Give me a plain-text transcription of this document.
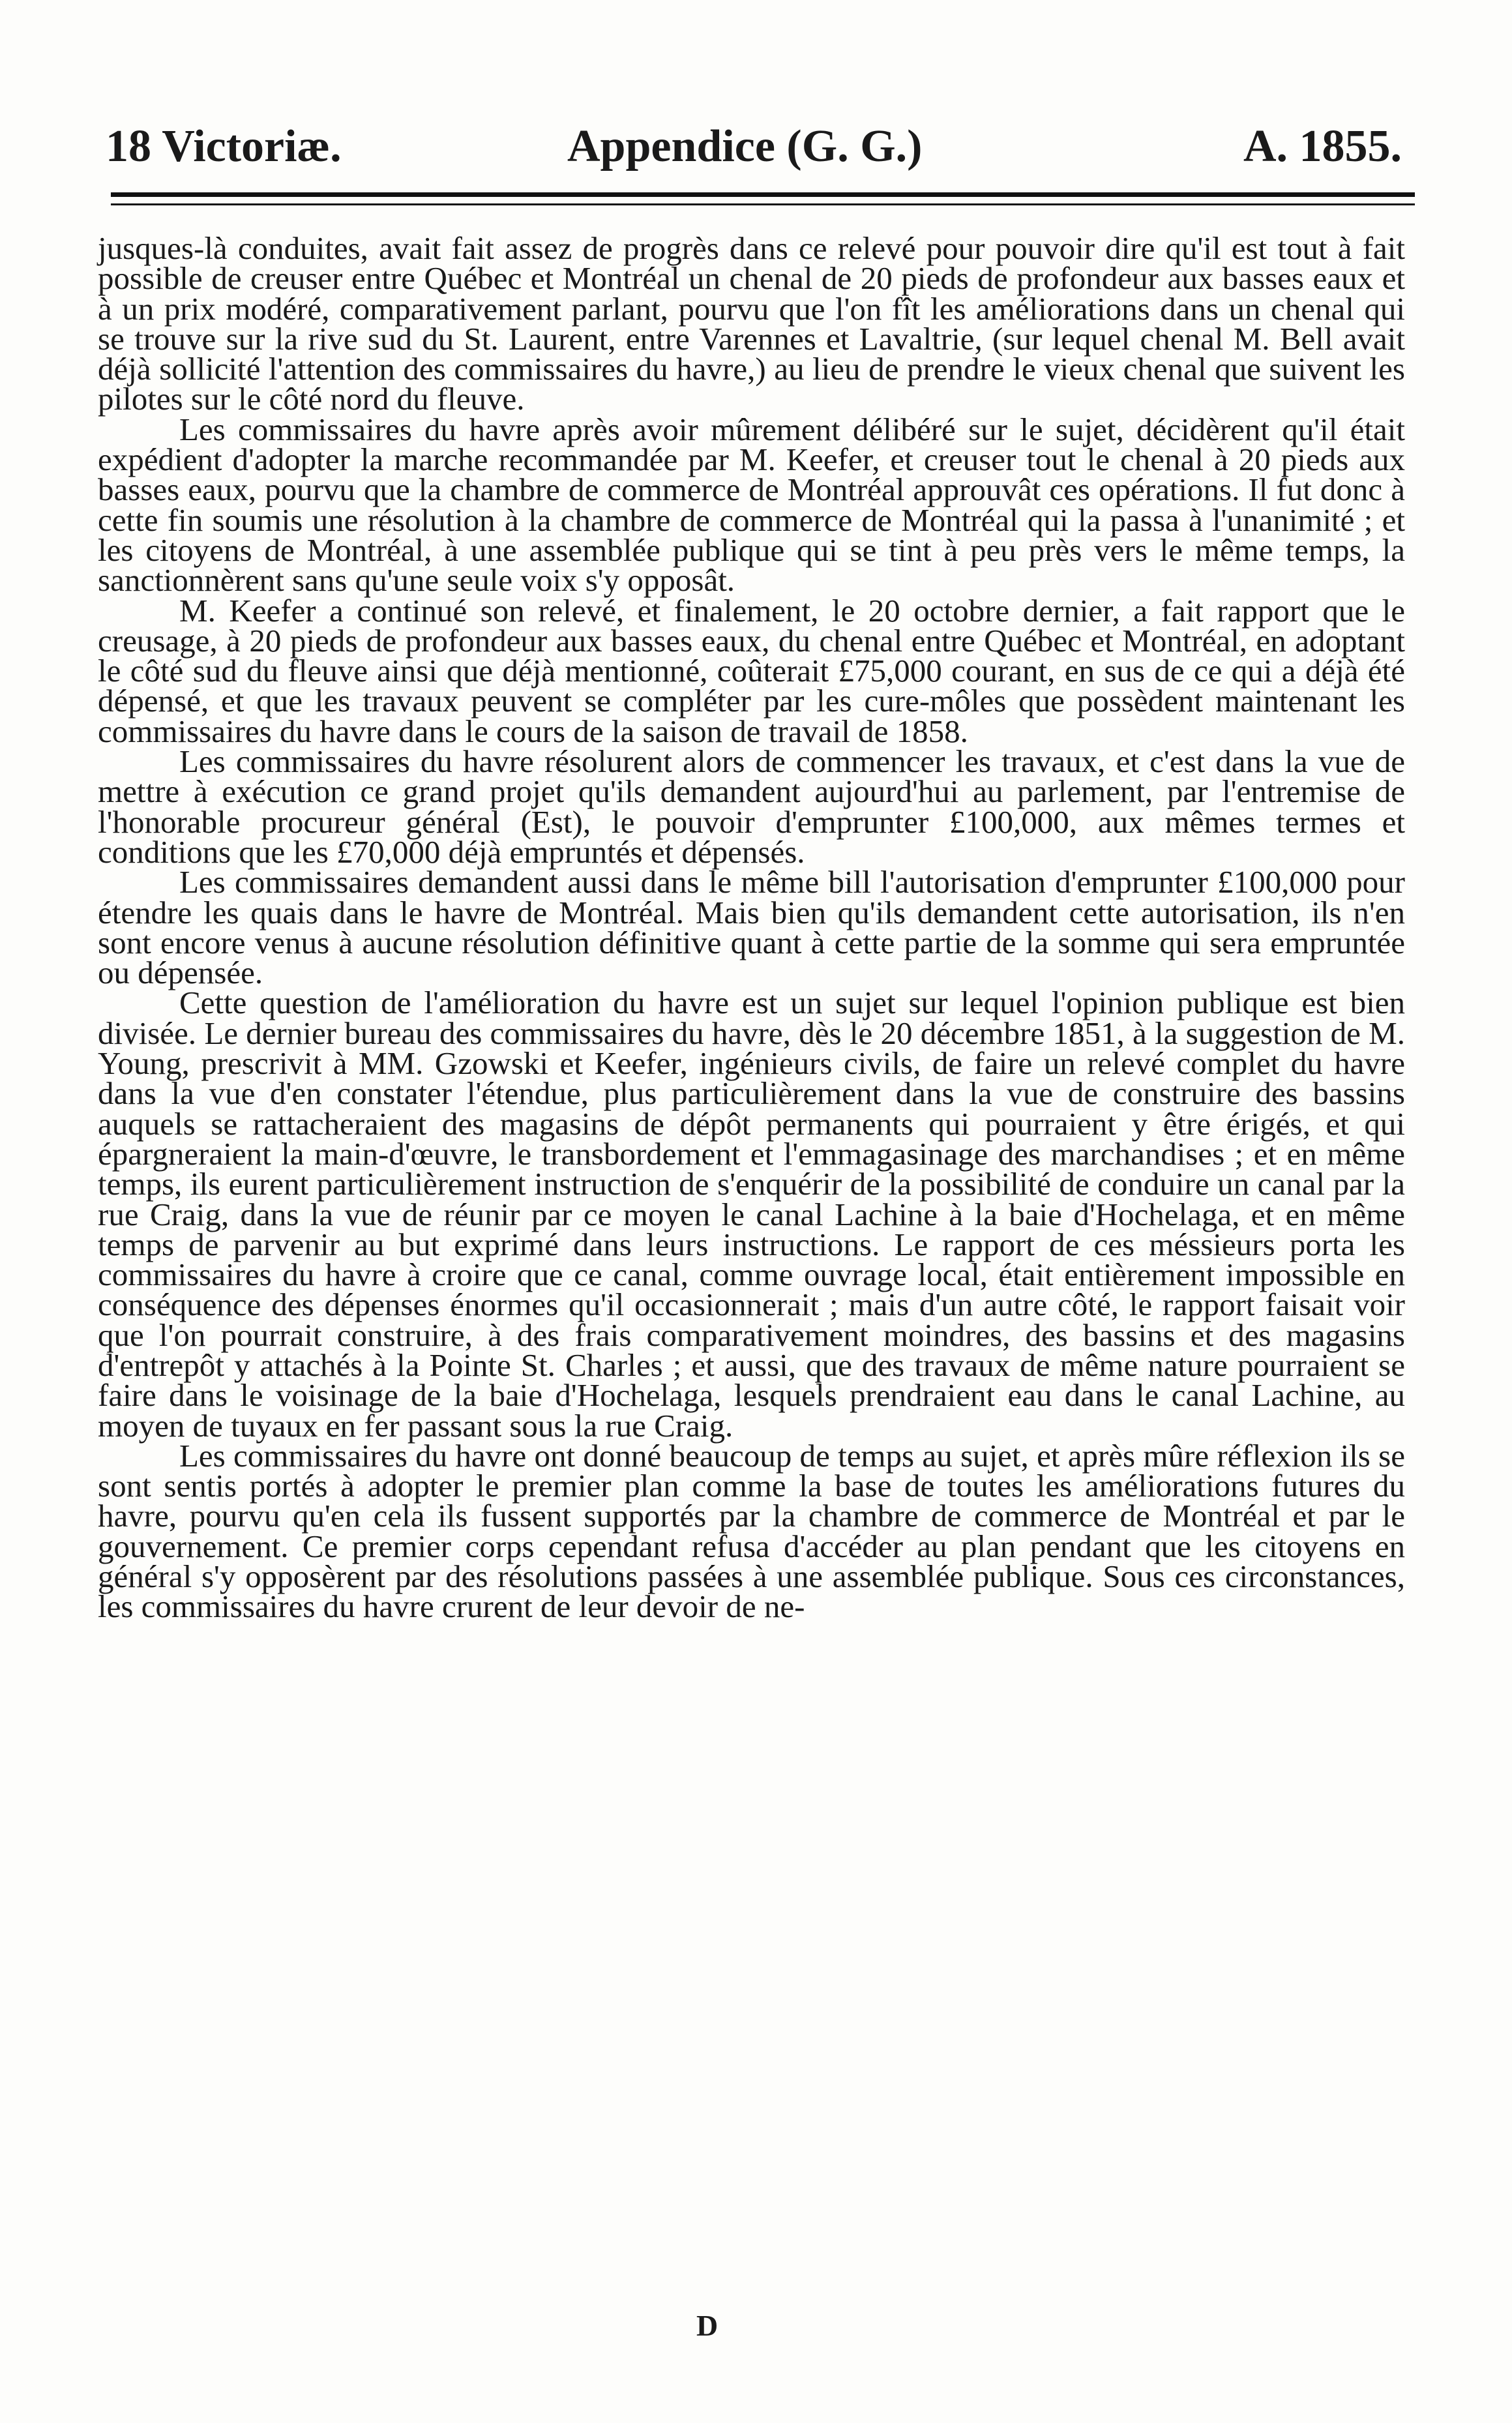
18 Victoriæ.	Appendice (G. G.)	A. 1855.

jusques-là conduites, avait fait assez de progrès dans ce relevé pour pouvoir dire qu'il est tout à fait possible de creuser entre Québec et Montréal un chenal de 20 pieds de profondeur aux basses eaux et à un prix modéré, comparativement parlant, pourvu que l'on fît les améliorations dans un chenal qui se trouve sur la rive sud du St. Laurent, entre Varennes et Lavaltrie, (sur lequel chenal M. Bell avait déjà sollicité l'attention des commissaires du havre,) au lieu de prendre le vieux chenal que suivent les pilotes sur le côté nord du fleuve.

Les commissaires du havre après avoir mûrement délibéré sur le sujet, décidèrent qu'il était expédient d'adopter la marche recommandée par M. Keefer, et creuser tout le chenal à 20 pieds aux basses eaux, pourvu que la chambre de commerce de Montréal approuvât ces opérations. Il fut donc à cette fin soumis une résolution à la chambre de commerce de Montréal qui la passa à l'unanimité ; et les citoyens de Montréal, à une assemblée publique qui se tint à peu près vers le même temps, la sanctionnèrent sans qu'une seule voix s'y opposât.

M. Keefer a continué son relevé, et finalement, le 20 octobre dernier, a fait rapport que le creusage, à 20 pieds de profondeur aux basses eaux, du chenal entre Québec et Montréal, en adoptant le côté sud du fleuve ainsi que déjà mentionné, coûterait £75,000 courant, en sus de ce qui a déjà été dépensé, et que les travaux peuvent se compléter par les cure-môles que possèdent maintenant les commissaires du havre dans le cours de la saison de travail de 1858.

Les commissaires du havre résolurent alors de commencer les travaux, et c'est dans la vue de mettre à exécution ce grand projet qu'ils demandent aujourd'hui au parlement, par l'entremise de l'honorable procureur général (Est), le pouvoir d'emprunter £100,000, aux mêmes termes et conditions que les £70,000 déjà empruntés et dépensés.

Les commissaires demandent aussi dans le même bill l'autorisation d'emprunter £100,000 pour étendre les quais dans le havre de Montréal. Mais bien qu'ils demandent cette autorisation, ils n'en sont encore venus à aucune résolution définitive quant à cette partie de la somme qui sera empruntée ou dépensée.

Cette question de l'amélioration du havre est un sujet sur lequel l'opinion publique est bien divisée. Le dernier bureau des commissaires du havre, dès le 20 décembre 1851, à la suggestion de M. Young, prescrivit à MM. Gzowski et Keefer, ingénieurs civils, de faire un relevé complet du havre dans la vue d'en constater l'étendue, plus particulièrement dans la vue de construire des bassins auquels se rattacheraient des magasins de dépôt permanents qui pourraient y être érigés, et qui épargneraient la main-d'œuvre, le transbordement et l'emmagasinage des marchandises ; et en même temps, ils eurent particulièrement instruction de s'enquérir de la possibilité de conduire un canal par la rue Craig, dans la vue de réunir par ce moyen le canal Lachine à la baie d'Hochelaga, et en même temps de parvenir au but exprimé dans leurs instructions. Le rapport de ces méssieurs porta les commissaires du havre à croire que ce canal, comme ouvrage local, était entièrement impossible en conséquence des dépenses énormes qu'il occasionnerait ; mais d'un autre côté, le rapport faisait voir que l'on pourrait construire, à des frais comparativement moindres, des bassins et des magasins d'entrepôt y attachés à la Pointe St. Charles ; et aussi, que des travaux de même nature pourraient se faire dans le voisinage de la baie d'Hochelaga, lesquels prendraient eau dans le canal Lachine, au moyen de tuyaux en fer passant sous la rue Craig.

Les commissaires du havre ont donné beaucoup de temps au sujet, et après mûre réflexion ils se sont sentis portés à adopter le premier plan comme la base de toutes les améliorations futures du havre, pourvu qu'en cela ils fussent supportés par la chambre de commerce de Montréal et par le gouvernement. Ce premier corps cependant refusa d'accéder au plan pendant que les citoyens en général s'y opposèrent par des résolutions passées à une assemblée publique. Sous ces circonstances, les commissaires du havre crurent de leur devoir de ne-

D
